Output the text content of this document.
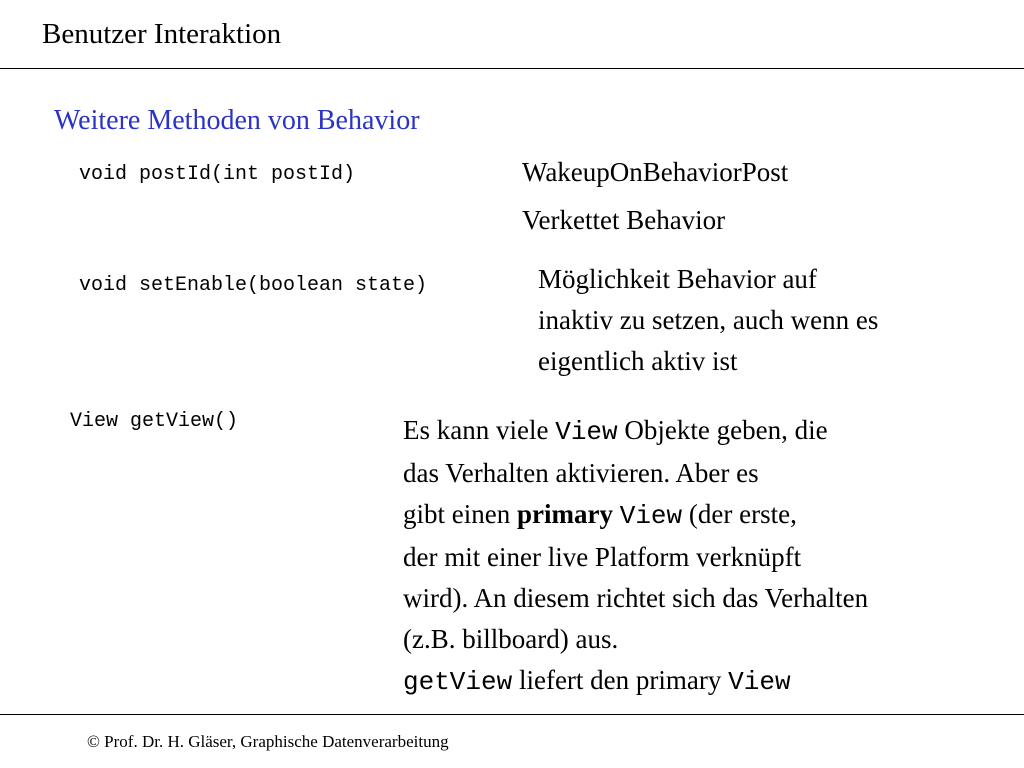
Benutzer Interaktion
Weitere Methoden von Behavior
void postId(int postId)	WakeupOnBehaviorPost
Verkettet Behavior
void setEnable(boolean state)	Möglichkeit Behavior auf
inaktiv zu setzen, auch wenn es
eigentlich aktiv ist
View getView()	Es kann viele View Objekte geben, die
das Verhalten aktivieren. Aber es
gibt einen primary View (der erste,
der mit einer live Platform verknüpft
wird). An diesem richtet sich das Verhalten
(z.B. billboard) aus.
getView liefert den primary View
© Prof. Dr. H. Gläser, Graphische Datenverarbeitung
